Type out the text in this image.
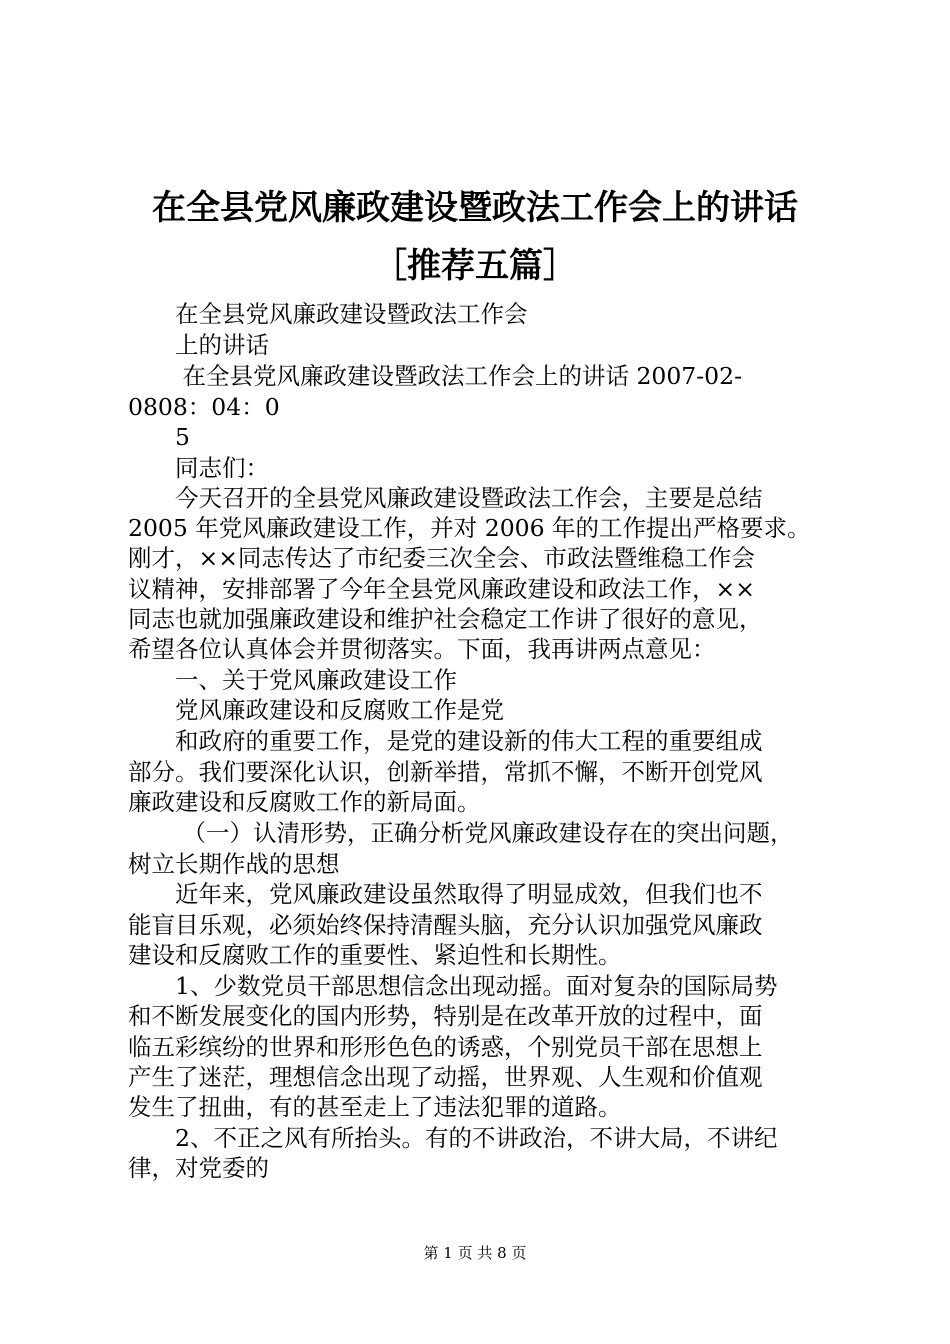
在全县党风廉政建设暨政法工作会上的讲话
［推荐五篇］

　　在全县党风廉政建设暨政法工作会

　　上的讲话

　　 在全县党风廉政建设暨政法工作会上的讲话 2007-02-

0808：04：0

　　5

　　同志们：

　　今天召开的全县党风廉政建设暨政法工作会，主要是总结

2005 年党风廉政建设工作，并对 2006 年的工作提出严格要求。

刚才，××同志传达了市纪委三次全会、市政法暨维稳工作会

议精神，安排部署了今年全县党风廉政建设和政法工作，××

同志也就加强廉政建设和维护社会稳定工作讲了很好的意见，

希望各位认真体会并贯彻落实。下面，我再讲两点意见：

　　一、关于党风廉政建设工作

　　党风廉政建设和反腐败工作是党

　　和政府的重要工作，是党的建设新的伟大工程的重要组成

部分。我们要深化认识，创新举措，常抓不懈，不断开创党风

廉政建设和反腐败工作的新局面。

　　 （一）认清形势，正确分析党风廉政建设存在的突出问题，

树立长期作战的思想

　　近年来，党风廉政建设虽然取得了明显成效，但我们也不

能盲目乐观，必须始终保持清醒头脑，充分认识加强党风廉政

建设和反腐败工作的重要性、紧迫性和长期性。

　　1、少数党员干部思想信念出现动摇。面对复杂的国际局势

和不断发展变化的国内形势，特别是在改革开放的过程中，面

临五彩缤纷的世界和形形色色的诱惑，个别党员干部在思想上

产生了迷茫，理想信念出现了动摇，世界观、人生观和价值观

发生了扭曲，有的甚至走上了违法犯罪的道路。

　　2、不正之风有所抬头。有的不讲政治，不讲大局，不讲纪

律，对党委的

第 1 页 共 8 页
